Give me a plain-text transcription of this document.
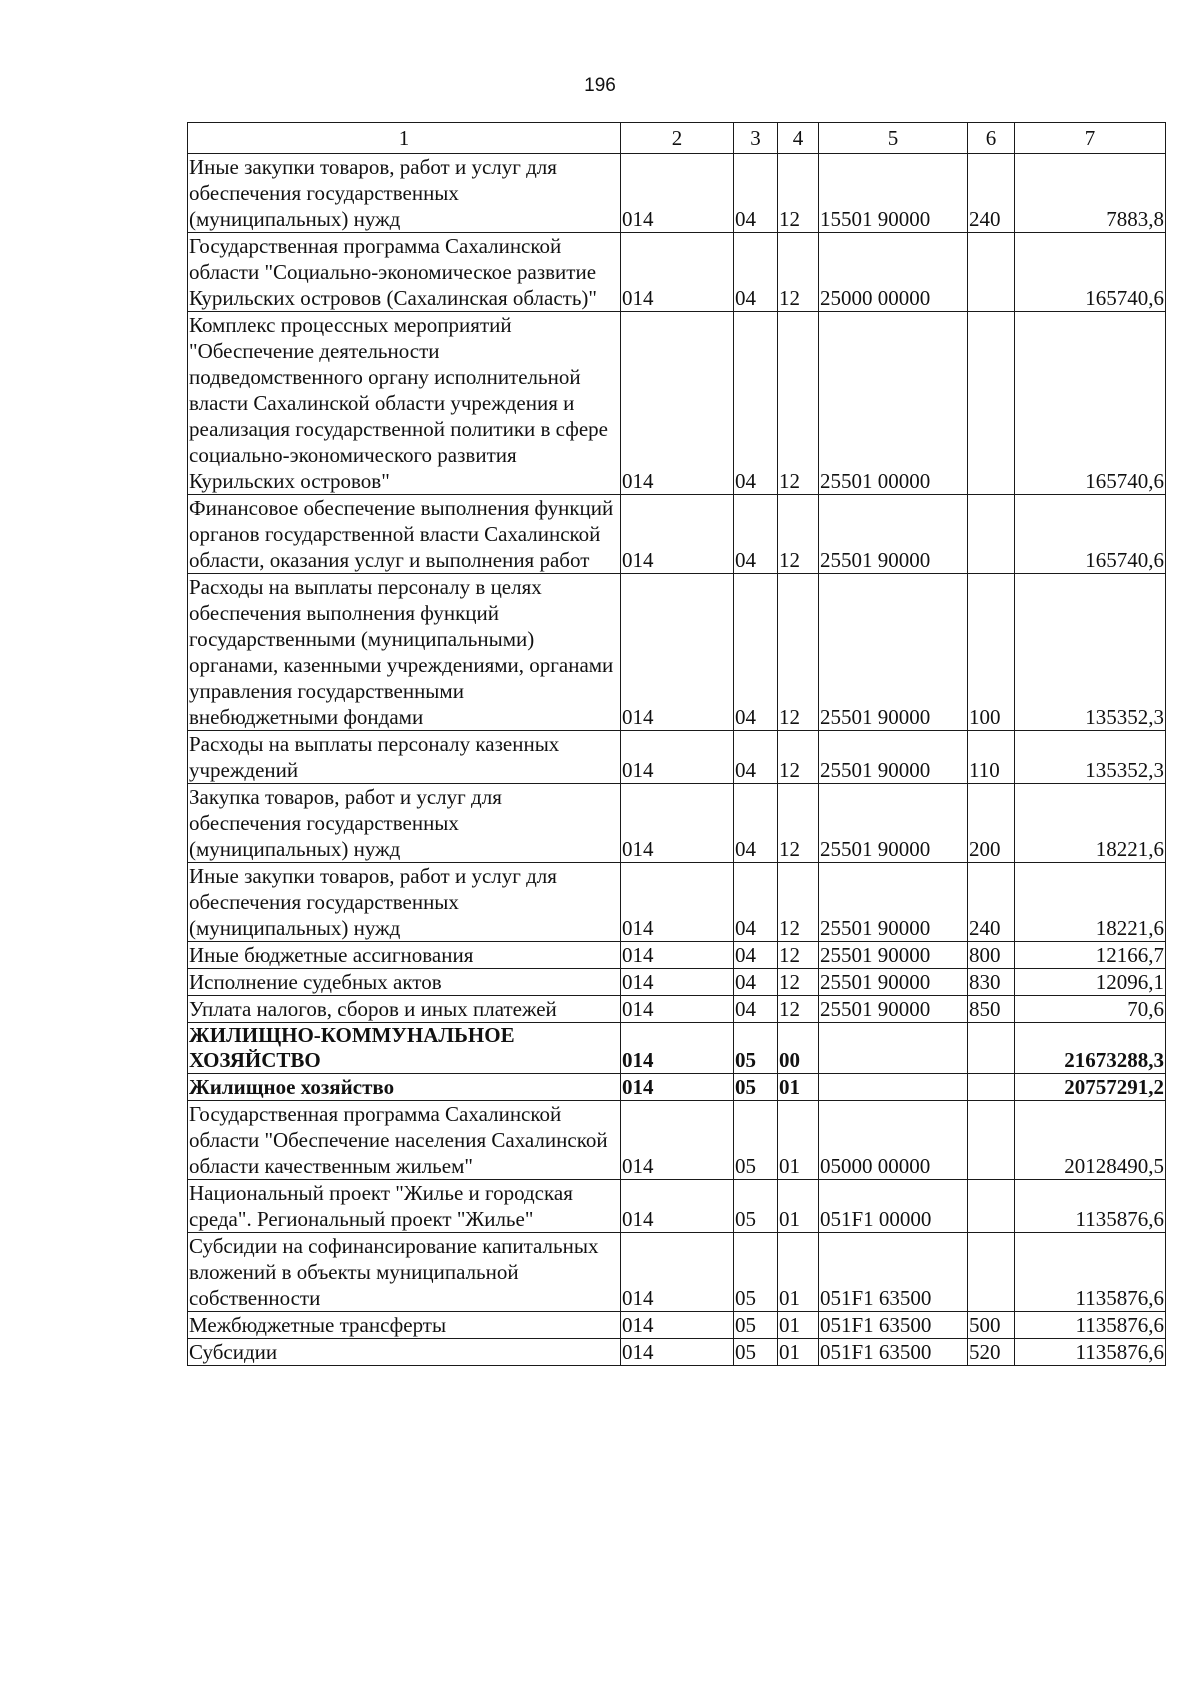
196
1	2	3	4	5	6	7
Иные закупки товаров, работ и услуг для обеспечения государственных (муниципальных) нужд	014	04	12	15501 90000	240	7883,8
Государственная программа Сахалинской области "Социально-экономическое развитие Курильских островов (Сахалинская область)"	014	04	12	25000 00000		165740,6
Комплекс процессных мероприятий "Обеспечение деятельности подведомственного органу исполнительной власти Сахалинской области учреждения и реализация государственной политики в сфере социально-экономического развития Курильских островов"	014	04	12	25501 00000		165740,6
Финансовое обеспечение выполнения функций органов государственной власти Сахалинской области, оказания услуг и выполнения работ	014	04	12	25501 90000		165740,6
Расходы на выплаты персоналу в целях обеспечения выполнения функций государственными (муниципальными) органами, казенными учреждениями, органами управления государственными внебюджетными фондами	014	04	12	25501 90000	100	135352,3
Расходы на выплаты персоналу казенных учреждений	014	04	12	25501 90000	110	135352,3
Закупка товаров, работ и услуг для обеспечения государственных (муниципальных) нужд	014	04	12	25501 90000	200	18221,6
Иные закупки товаров, работ и услуг для обеспечения государственных (муниципальных) нужд	014	04	12	25501 90000	240	18221,6
Иные бюджетные ассигнования	014	04	12	25501 90000	800	12166,7
Исполнение судебных актов	014	04	12	25501 90000	830	12096,1
Уплата налогов, сборов и иных платежей	014	04	12	25501 90000	850	70,6
ЖИЛИЩНО-КОММУНАЛЬНОЕ ХОЗЯЙСТВО	014	05	00			21673288,3
Жилищное хозяйство	014	05	01			20757291,2
Государственная программа Сахалинской области "Обеспечение населения Сахалинской области качественным жильем"	014	05	01	05000 00000		20128490,5
Национальный проект "Жилье и городская среда". Региональный проект "Жилье"	014	05	01	051F1 00000		1135876,6
Субсидии на софинансирование капитальных вложений в объекты муниципальной собственности	014	05	01	051F1 63500		1135876,6
Межбюджетные трансферты	014	05	01	051F1 63500	500	1135876,6
Субсидии	014	05	01	051F1 63500	520	1135876,6
